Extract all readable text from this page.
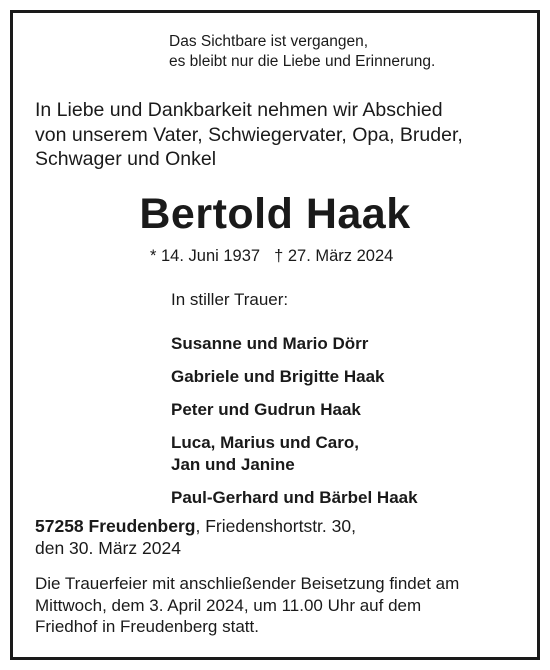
Das Sichtbare ist vergangen,
es bleibt nur die Liebe und Erinnerung.

In Liebe und Dankbarkeit nehmen wir Abschied
von unserem Vater, Schwiegervater, Opa, Bruder,
Schwager und Onkel

Bertold Haak

* 14. Juni 1937 † 27. März 2024

In stiller Trauer:

Susanne und Mario Dörr

Gabriele und Brigitte Haak

Peter und Gudrun Haak

Luca, Marius und Caro,

Jan und Janine

Paul-Gerhard und Bärbel Haak

57258 Freudenberg, Friedenshortstr. 30,
den 30. März 2024

Die Trauerfeier mit anschließender Beisetzung findet am
Mittwoch, dem 3. April 2024, um 11.00 Uhr auf dem
Friedhof in Freudenberg statt.
